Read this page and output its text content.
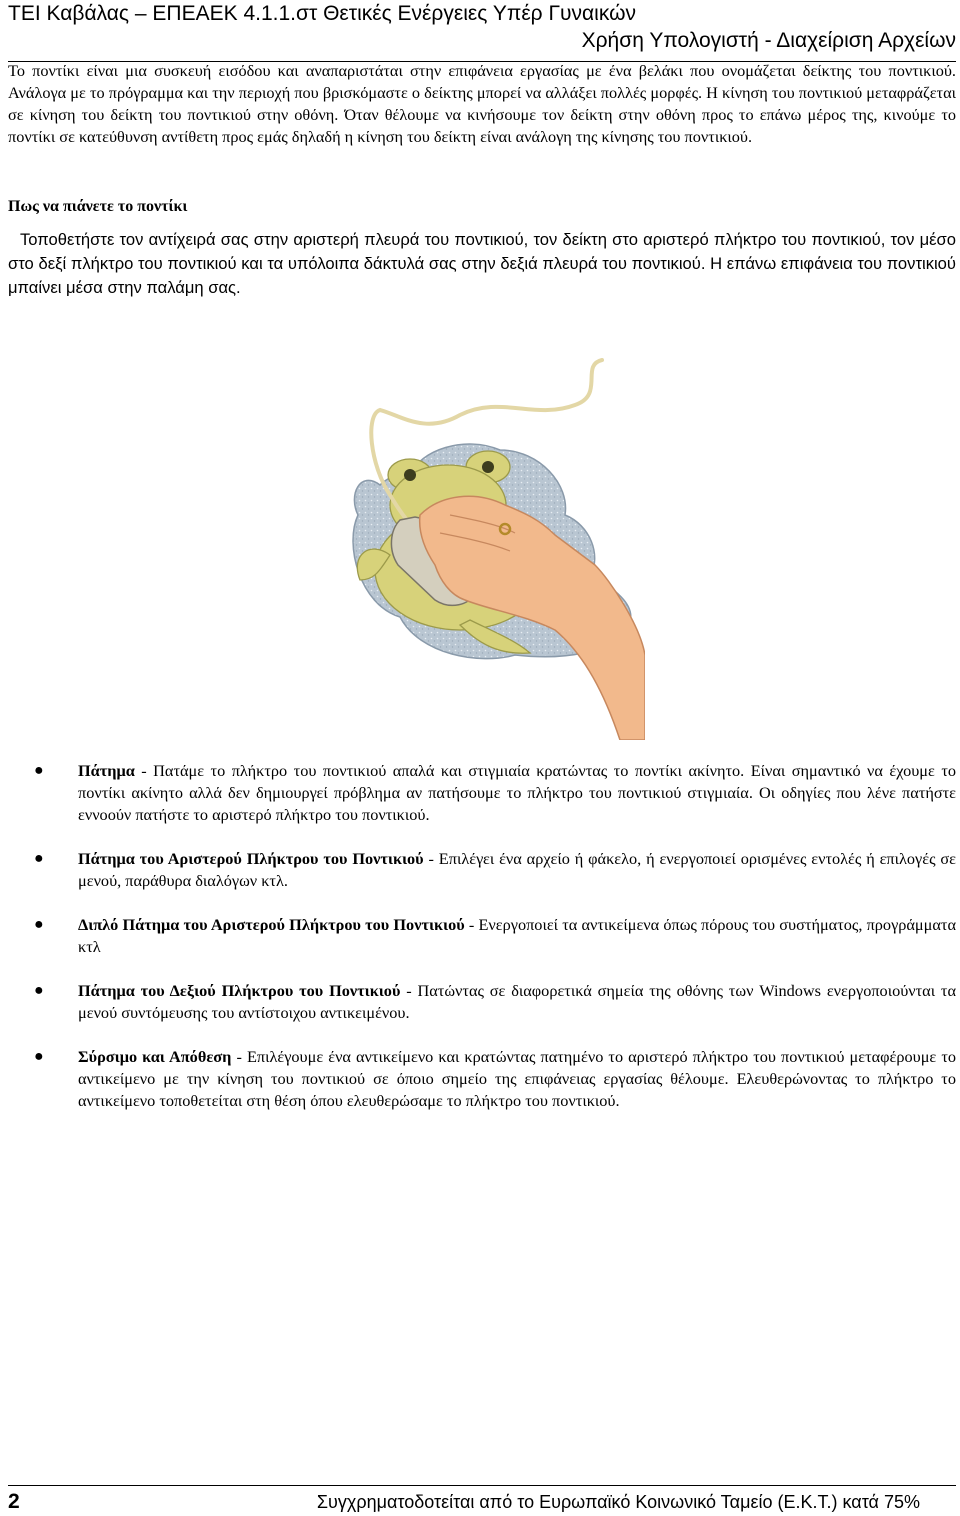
ΤΕΙ Καβάλας – ΕΠΕΑΕΚ 4.1.1.στ Θετικές Ενέργειες Υπέρ Γυναικών
Χρήση Υπολογιστή - Διαχείριση Αρχείων

Το ποντίκι είναι μια συσκευή εισόδου και αναπαριστάται στην επιφάνεια εργασίας με ένα βελάκι που ονομάζεται δείκτης του ποντικιού. Ανάλογα με το πρόγραμμα και την περιοχή που βρισκόμαστε ο δείκτης μπορεί να αλλάξει πολλές μορφές. Η κίνηση του ποντικιού μεταφράζεται σε κίνηση του δείκτη του ποντικιού στην οθόνη. Όταν θέλουμε να κινήσουμε τον δείκτη στην οθόνη προς το επάνω μέρος της, κινούμε το ποντίκι σε κατεύθυνση αντίθετη προς εμάς δηλαδή η κίνηση του δείκτη είναι ανάλογη της κίνησης του ποντικιού.

Πως να πιάνετε το ποντίκι

Τοποθετήστε τον αντίχειρά σας στην αριστερή πλευρά του ποντικιού, τον δείκτη στο αριστερό πλήκτρο του ποντικιού, τον μέσο στο δεξί πλήκτρο του ποντικιού και τα υπόλοιπα δάκτυλά σας στην δεξιά πλευρά του ποντικιού. Η επάνω επιφάνεια του ποντικιού μπαίνει μέσα στην παλάμη σας.

● Πάτημα - Πατάμε το πλήκτρο του ποντικιού απαλά και στιγμιαία κρατώντας το ποντίκι ακίνητο. Είναι σημαντικό να έχουμε το ποντίκι ακίνητο αλλά δεν δημιουργεί πρόβλημα αν πατήσουμε το πλήκτρο του ποντικιού στιγμιαία. Οι οδηγίες που λένε πατήστε εννοούν πατήστε το αριστερό πλήκτρο του ποντικιού.
● Πάτημα του Αριστερού Πλήκτρου του Ποντικιού - Επιλέγει ένα αρχείο ή φάκελο, ή ενεργοποιεί ορισμένες εντολές ή επιλογές σε μενού, παράθυρα διαλόγων κτλ.
● Διπλό Πάτημα του Αριστερού Πλήκτρου του Ποντικιού - Ενεργοποιεί τα αντικείμενα όπως πόρους του συστήματος, προγράμματα κτλ
● Πάτημα του Δεξιού Πλήκτρου του Ποντικιού - Πατώντας σε διαφορετικά σημεία της οθόνης των Windows ενεργοποιούνται τα μενού συντόμευσης του αντίστοιχου αντικειμένου.
● Σύρσιμο και Απόθεση - Επιλέγουμε ένα αντικείμενο και κρατώντας πατημένο το αριστερό πλήκτρο του ποντικιού μεταφέρουμε το αντικείμενο με την κίνηση του ποντικιού σε όποιο σημείο της επιφάνειας εργασίας θέλουμε. Ελευθερώνοντας το πλήκτρο το αντικείμενο τοποθετείται στη θέση όπου ελευθερώσαμε το πλήκτρο του ποντικιού.
2	Συγχρηματοδοτείται από το Ευρωπαϊκό Κοινωνικό Ταμείο (Ε.Κ.Τ.) κατά 75%
